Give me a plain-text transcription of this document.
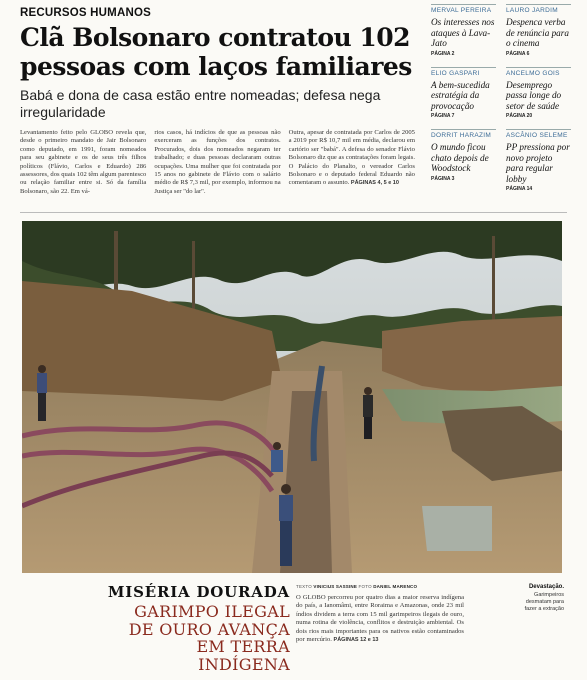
RECURSOS HUMANOS

Clã Bolsonaro contratou 102
pessoas com laços familiares

Babá e dona de casa estão entre nomeadas; defesa nega irregularidade

Levantamento feito pelo GLOBO revela que, desde o primeiro mandato de Jair Bolsonaro como deputado, em 1991, foram nomeados para seu gabinete e os de seus três filhos políticos (Flávio, Carlos e Eduardo) 286 assessores, dos quais 102 têm algum parentesco ou relação familiar entre si. Só da família Bolsonaro, são 22. Em vá-
rios casos, há indícios de que as pessoas não exerceram as funções dos contratos. Procurados, dois dos nomeados negaram ter trabalhado; e duas pessoas declararam outras ocupações. Uma mulher que foi contratada por 15 anos no gabinete de Flávio com o salário médio de R$ 7,3 mil, por exemplo, informou na Justiça ser "do lar".
Outra, apesar de contratada por Carlos de 2005 a 2019 por R$ 10,7 mil em média, declarou em cartório ser "babá". A defesa do senador Flávio Bolsonaro diz que as contratações foram legais. O Palácio do Planalto, o vereador Carlos Bolsonaro e o deputado federal Eduardo não comentaram o assunto. PÁGINAS 4, 5 e 10
MERVAL PEREIRA
Os interesses nos ataques à Lava-Jato
PÁGINA 2
LAURO JARDIM
Despenca verba de renúncia para o cinema
PÁGINA 6
ELIO GASPARI
A bem-sucedida estratégia da provocação
PÁGINA 7
ANCELMO GOIS
Desemprego passa longe do setor de saúde
PÁGINA 20
DORRIT HARAZIM
O mundo ficou chato depois de Woodstock
PÁGINA 3
ASCÂNIO SELEME
PP pressiona por novo projeto para regular lobby
PÁGINA 14

MISÉRIA DOURADA

GARIMPO ILEGAL
DE OURO AVANÇA
EM TERRA INDÍGENA

TEXTO VINICIUS SASSINE FOTO DANIEL MARENCO
O GLOBO percorreu por quatro dias a maior reserva indígena do país, a Ianomâmi, entre Roraima e Amazonas, onde 23 mil índios dividem a terra com 15 mil garimpeiros ilegais de ouro, numa rotina de violência, conflitos e destruição ambiental. Os dois rios mais importantes para os nativos estão contaminados por mercúrio. PÁGINAS 12 e 13
Devastação.
Garimpeiros desmatam para fazer a extração
